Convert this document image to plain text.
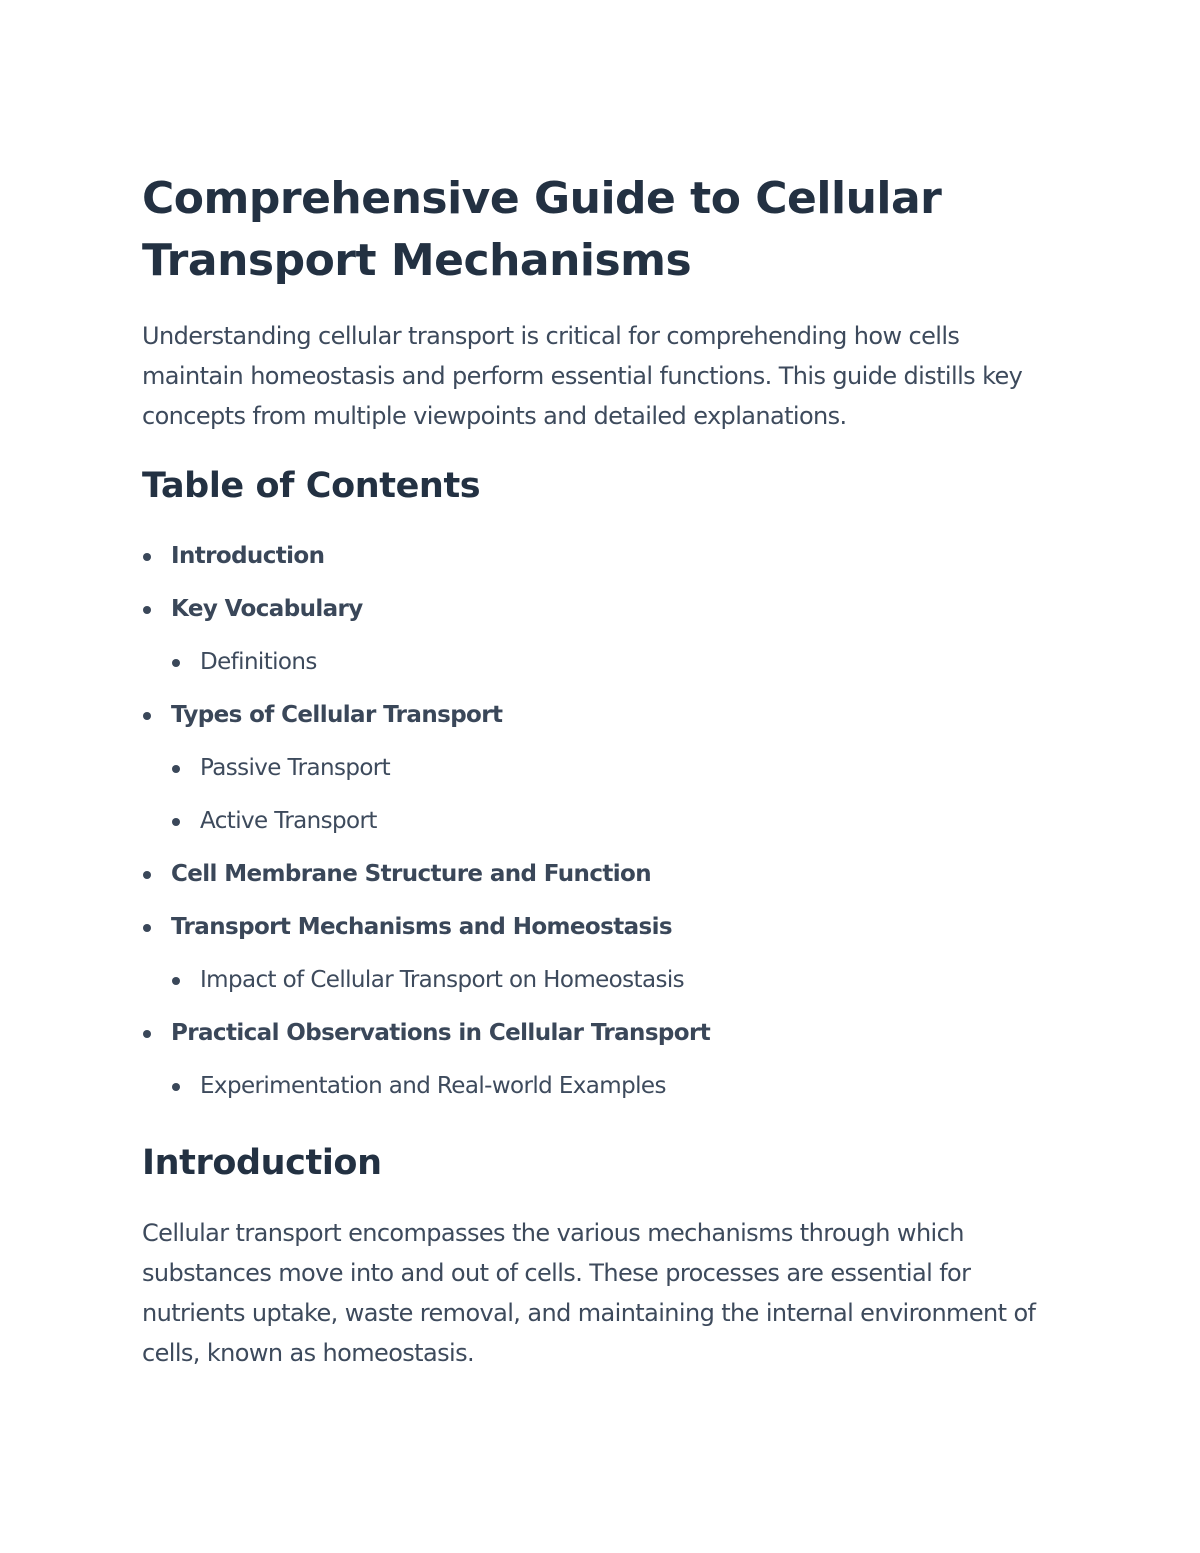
Comprehensive Guide to Cellular Transport Mechanisms

Understanding cellular transport is critical for comprehending how cells maintain homeostasis and perform essential functions. This guide distills key concepts from multiple viewpoints and detailed explanations.

Table of Contents
Introduction
Key Vocabulary
Definitions
Types of Cellular Transport
Passive Transport
Active Transport
Cell Membrane Structure and Function
Transport Mechanisms and Homeostasis
Impact of Cellular Transport on Homeostasis
Practical Observations in Cellular Transport
Experimentation and Real-world Examples
Introduction

Cellular transport encompasses the various mechanisms through which substances move into and out of cells. These processes are essential for nutrients uptake, waste removal, and maintaining the internal environment of cells, known as homeostasis.
